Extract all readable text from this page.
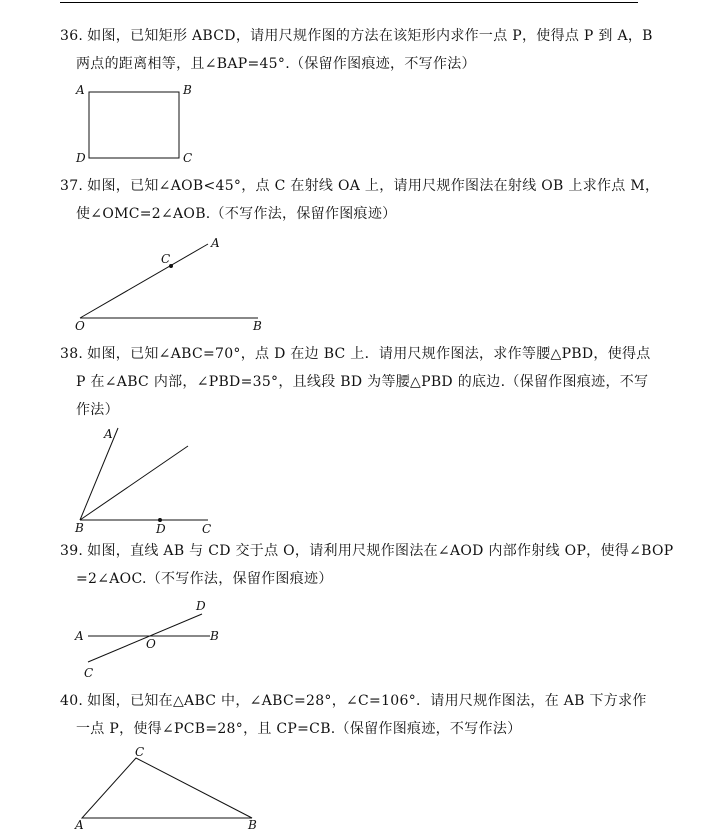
36. 如图，已知矩形 ABCD，请用尺规作图的方法在该矩形内求作一点 P，使得点 P 到 A，B
两点的距离相等，且∠BAP=45°.（保留作图痕迹，不写作法）
A	B
C
D
37. 如图，已知∠AOB<45°，点 C 在射线 OA 上，请用尺规作图法在射线 OB 上求作点 M，
使∠OMC=2∠AOB.（不写作法，保留作图痕迹）
A
C
O	B
38. 如图，已知∠ABC=70°，点 D 在边 BC 上．请用尺规作图法，求作等腰△PBD，使得点
P 在∠ABC 内部，∠PBD=35°，且线段 BD 为等腰△PBD 的底边.（保留作图痕迹，不写
作法）
A
B	D	C
39. 如图，直线 AB 与 CD 交于点 O，请利用尺规作图法在∠AOD 内部作射线 OP，使得∠BOP
=2∠AOC.（不写作法，保留作图痕迹）
D
A
O
B
C
40. 如图，已知在△ABC 中，∠ABC=28°，∠C=106°．请用尺规作图法，在 AB 下方求作
一点 P，使得∠PCB=28°，且 CP=CB.（保留作图痕迹，不写作法）
C
A	B
